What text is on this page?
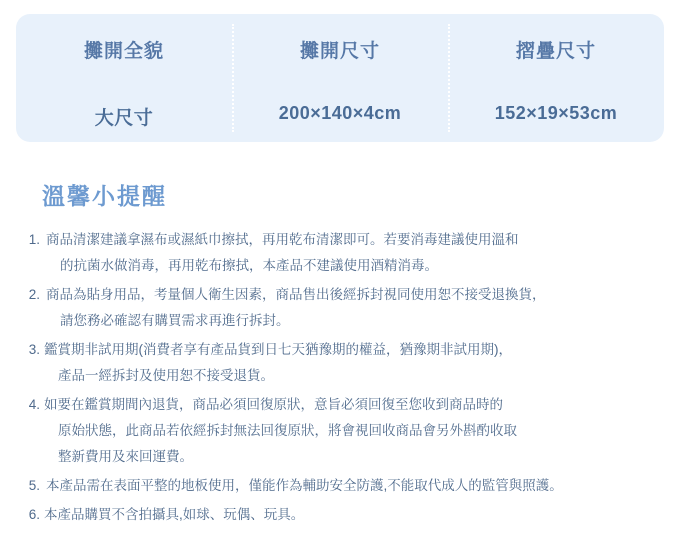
攤開全貌
大尺寸
攤開尺寸
200×140×4cm
摺疊尺寸
152×19×53cm
溫馨小提醒
1. 商品清潔建議拿濕布或濕紙巾擦拭，再用乾布清潔即可。若要消毒建議使用溫和
的抗菌水做消毒，再用乾布擦拭，本產品不建議使用酒精消毒。
2. 商品為貼身用品，考量個人衛生因素，商品售出後經拆封視同使用恕不接受退換貨，
請您務必確認有購買需求再進行拆封。
3. 鑑賞期非試用期(消費者享有產品貨到日七天猶豫期的權益，猶豫期非試用期)，
產品一經拆封及使用恕不接受退貨。
4. 如要在鑑賞期間內退貨，商品必須回復原狀，意旨必須回復至您收到商品時的
原始狀態，此商品若依經拆封無法回復原狀，將會視回收商品會另外斟酌收取
整新費用及來回運費。
5. 本產品需在表面平整的地板使用，僅能作為輔助安全防護,不能取代成人的監管與照護。
6. 本產品購買不含拍攝具,如球、玩偶、玩具。
